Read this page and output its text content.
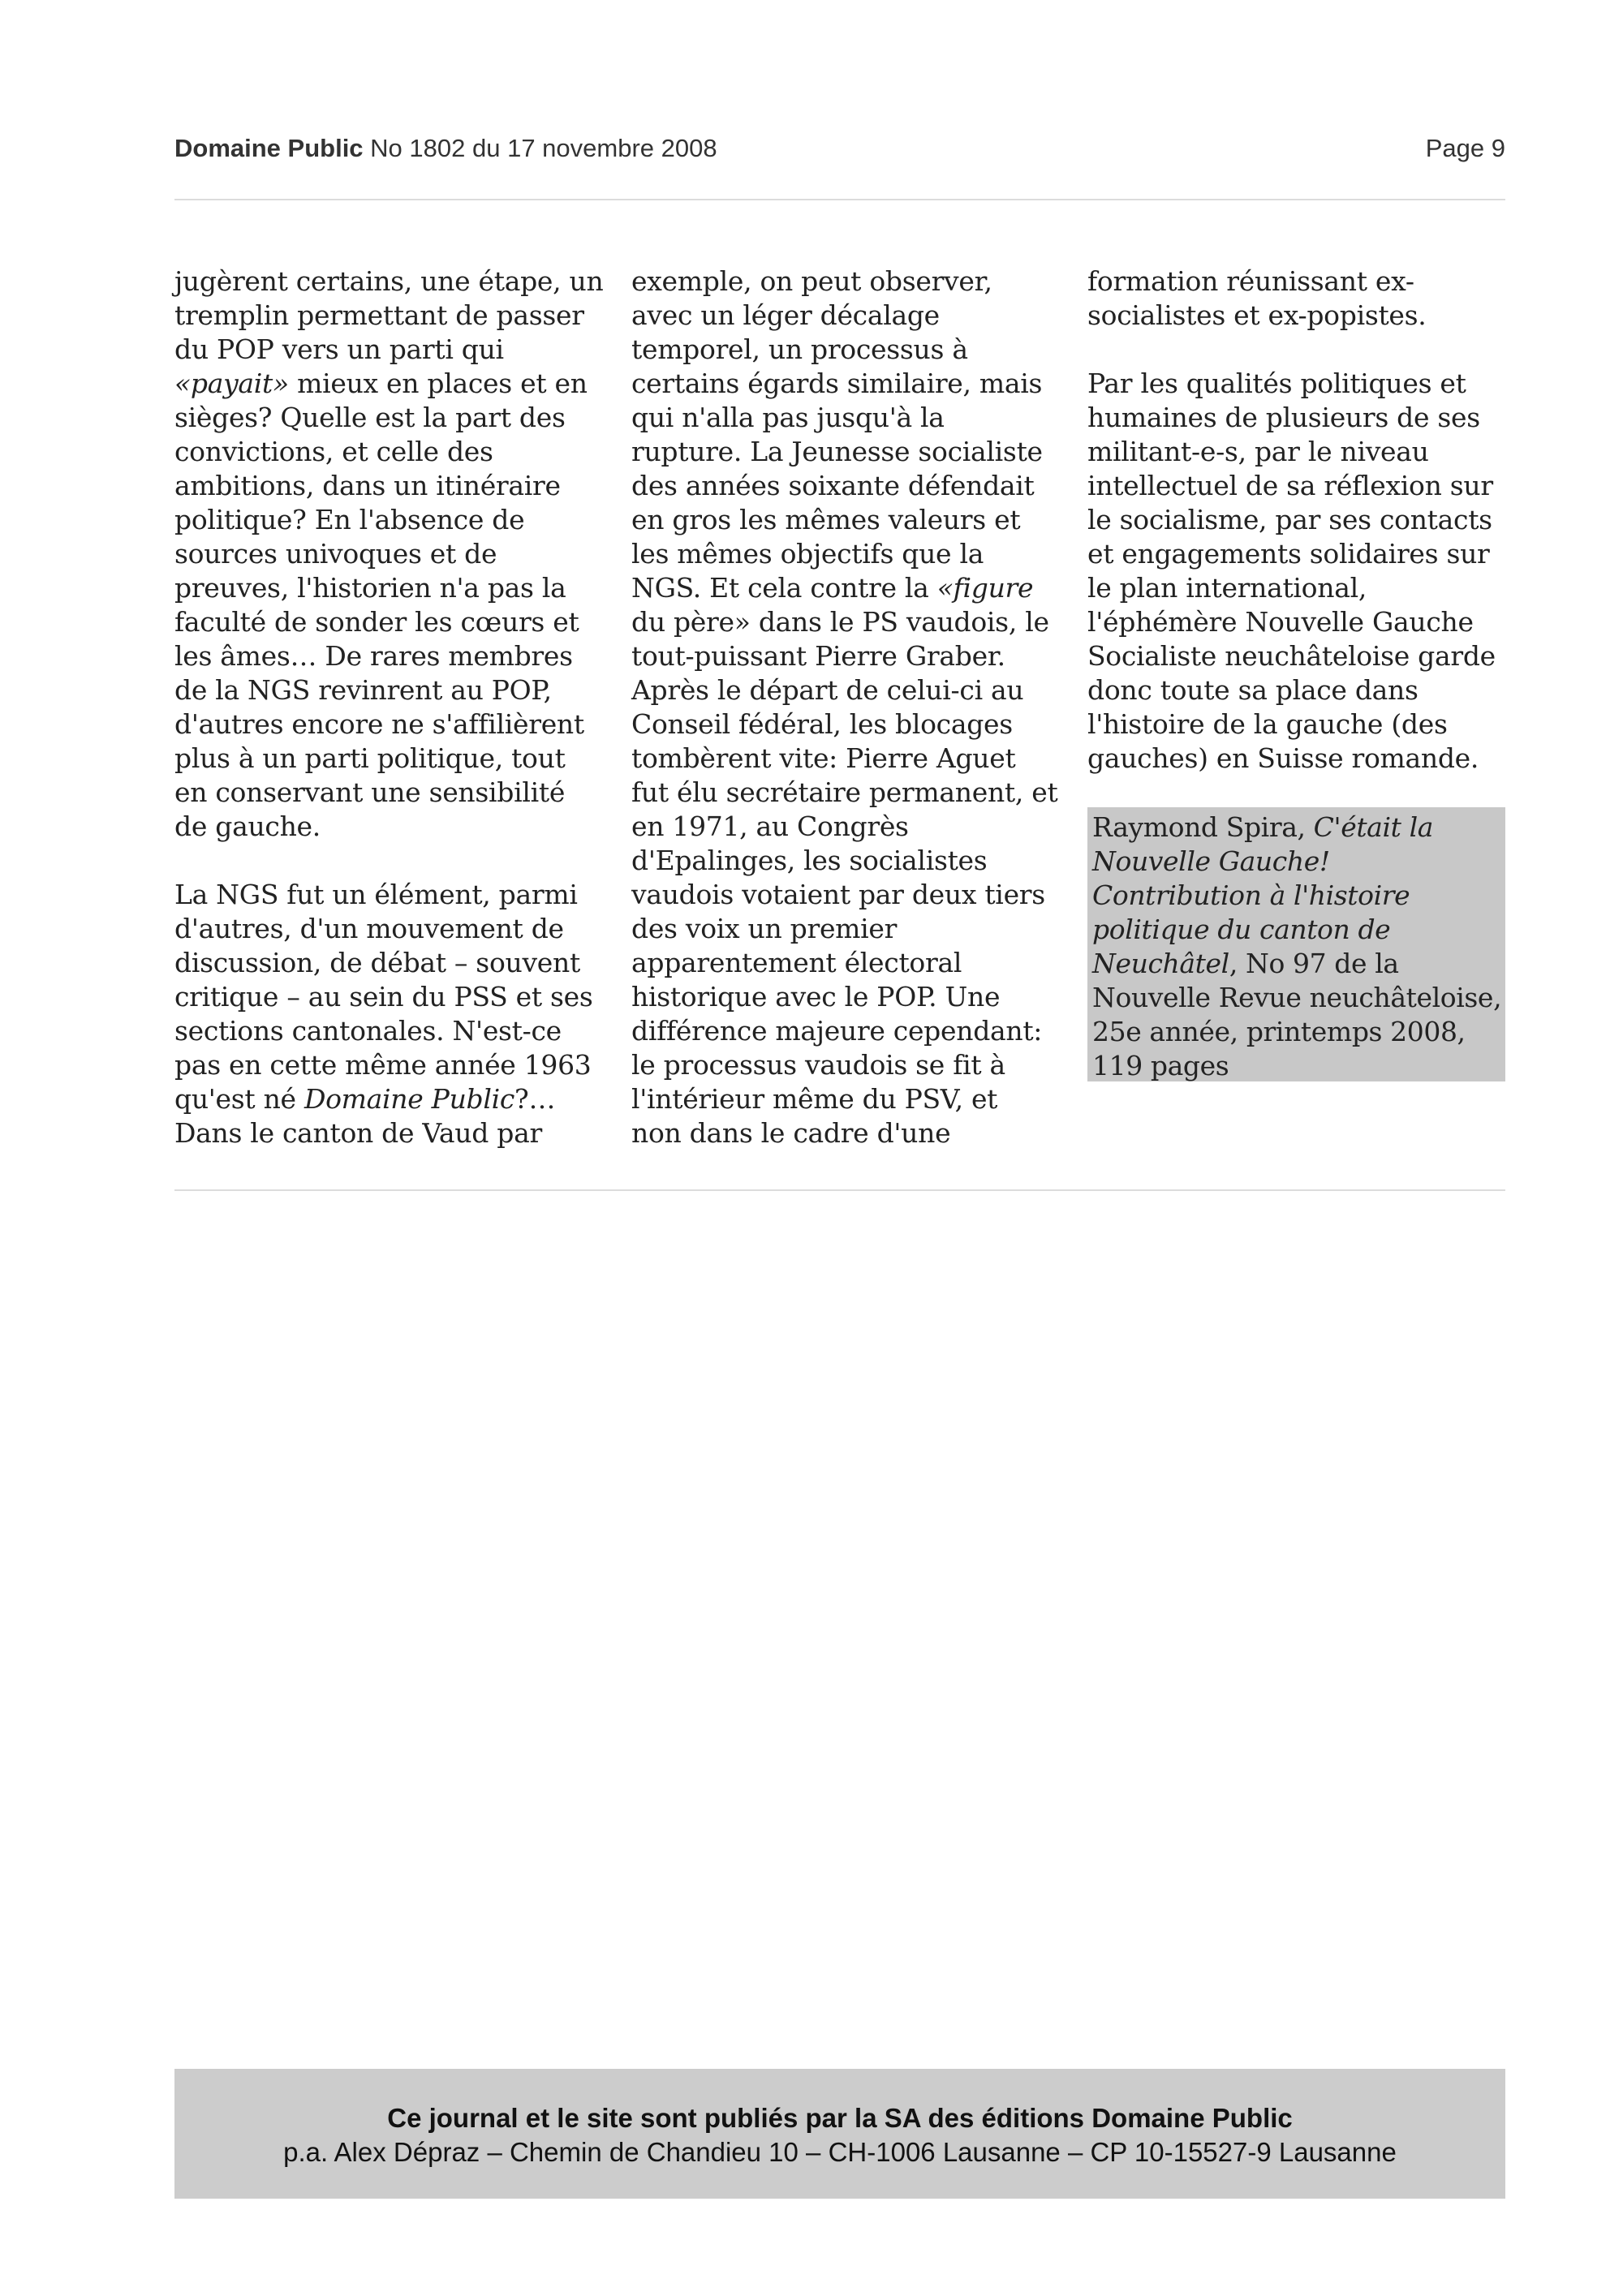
Domaine Public No 1802 du 17 novembre 2008	Page 9

jugèrent certains, une étape, un
tremplin permettant de passer
du POP vers un parti qui
«payait» mieux en places et en
sièges? Quelle est la part des
convictions, et celle des
ambitions, dans un itinéraire
politique? En l'absence de
sources univoques et de
preuves, l'historien n'a pas la
faculté de sonder les cœurs et
les âmes… De rares membres
de la NGS revinrent au POP,
d'autres encore ne s'affilièrent
plus à un parti politique, tout
en conservant une sensibilité
de gauche.

La NGS fut un élément, parmi
d'autres, d'un mouvement de
discussion, de débat – souvent
critique – au sein du PSS et ses
sections cantonales. N'est-ce
pas en cette même année 1963
qu'est né Domaine Public?…
Dans le canton de Vaud par

exemple, on peut observer,
avec un léger décalage
temporel, un processus à
certains égards similaire, mais
qui n'alla pas jusqu'à la
rupture. La Jeunesse socialiste
des années soixante défendait
en gros les mêmes valeurs et
les mêmes objectifs que la
NGS. Et cela contre la «figure
du père» dans le PS vaudois, le
tout-puissant Pierre Graber.
Après le départ de celui-ci au
Conseil fédéral, les blocages
tombèrent vite: Pierre Aguet
fut élu secrétaire permanent, et
en 1971, au Congrès
d'Epalinges, les socialistes
vaudois votaient par deux tiers
des voix un premier
apparentement électoral
historique avec le POP. Une
différence majeure cependant:
le processus vaudois se fit à
l'intérieur même du PSV, et
non dans le cadre d'une

formation réunissant ex-
socialistes et ex-popistes.

Par les qualités politiques et
humaines de plusieurs de ses
militant-e-s, par le niveau
intellectuel de sa réflexion sur
le socialisme, par ses contacts
et engagements solidaires sur
le plan international,
l'éphémère Nouvelle Gauche
Socialiste neuchâteloise garde
donc toute sa place dans
l'histoire de la gauche (des
gauches) en Suisse romande.

Raymond Spira, C'était la
Nouvelle Gauche!
Contribution à l'histoire
politique du canton de
Neuchâtel, No 97 de la
Nouvelle Revue neuchâteloise,
25e année, printemps 2008,
119 pages
Ce journal et le site sont publiés par la SA des éditions Domaine Public
p.a. Alex Dépraz – Chemin de Chandieu 10 – CH-1006 Lausanne – CP 10-15527-9 Lausanne
